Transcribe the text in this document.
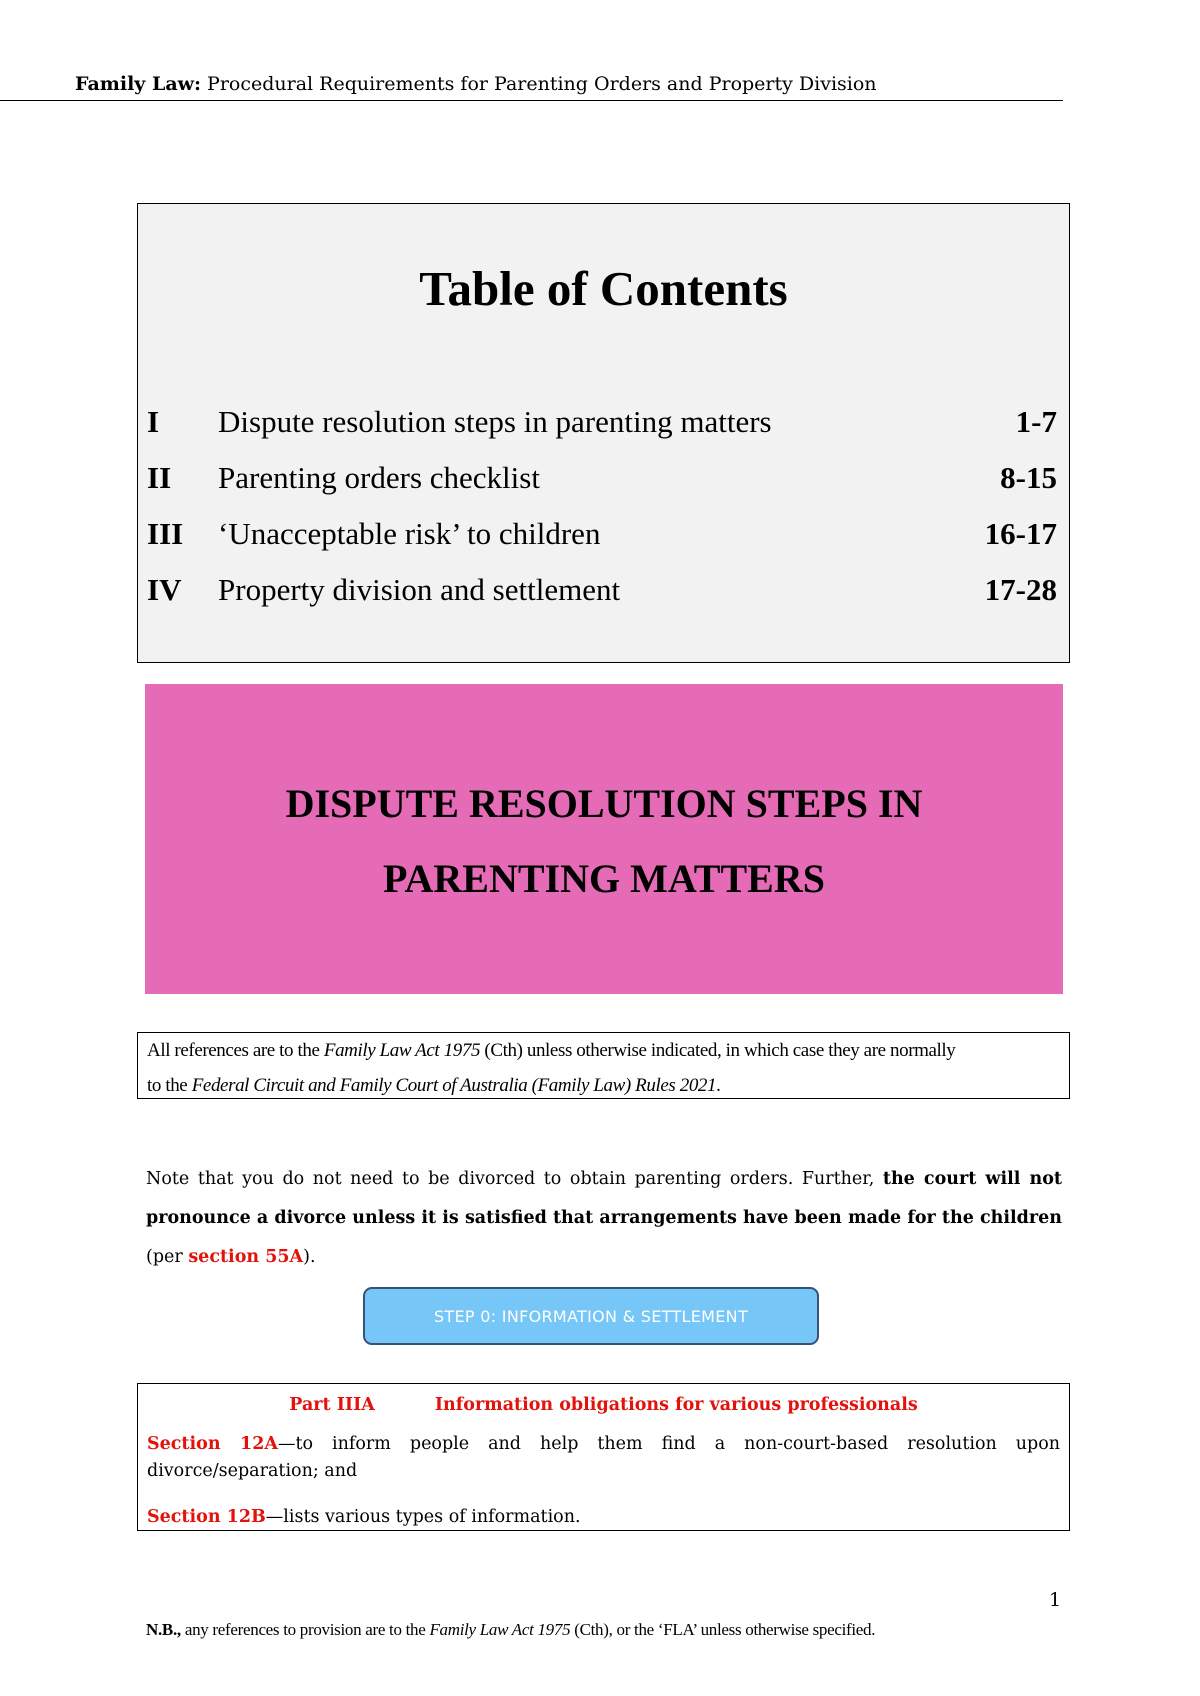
Family Law: Procedural Requirements for Parenting Orders and Property Division
Table of Contents
I Dispute resolution steps in parenting matters	1-7
II Parenting orders checklist	8-15
III ‘Unacceptable risk’ to children	16-17
IV Property division and settlement	17-28
DISPUTE RESOLUTION STEPS IN
PARENTING MATTERS
All references are to the Family Law Act 1975 (Cth) unless otherwise indicated, in which case they are normally
to the Federal Circuit and Family Court of Australia (Family Law) Rules 2021.
Note that you do not need to be divorced to obtain parenting orders. Further, the court will not pronounce a divorce unless it is satisfied that arrangements have been made for the children (per section 55A).
STEP 0: INFORMATION & SETTLEMENT
Part IIIA	Information obligations for various professionals
Section 12A—to inform people and help them find a non-court-based resolution upon
divorce/separation; and
Section 12B—lists various types of information.
1
N.B., any references to provision are to the Family Law Act 1975 (Cth), or the ‘FLA’ unless otherwise specified.
